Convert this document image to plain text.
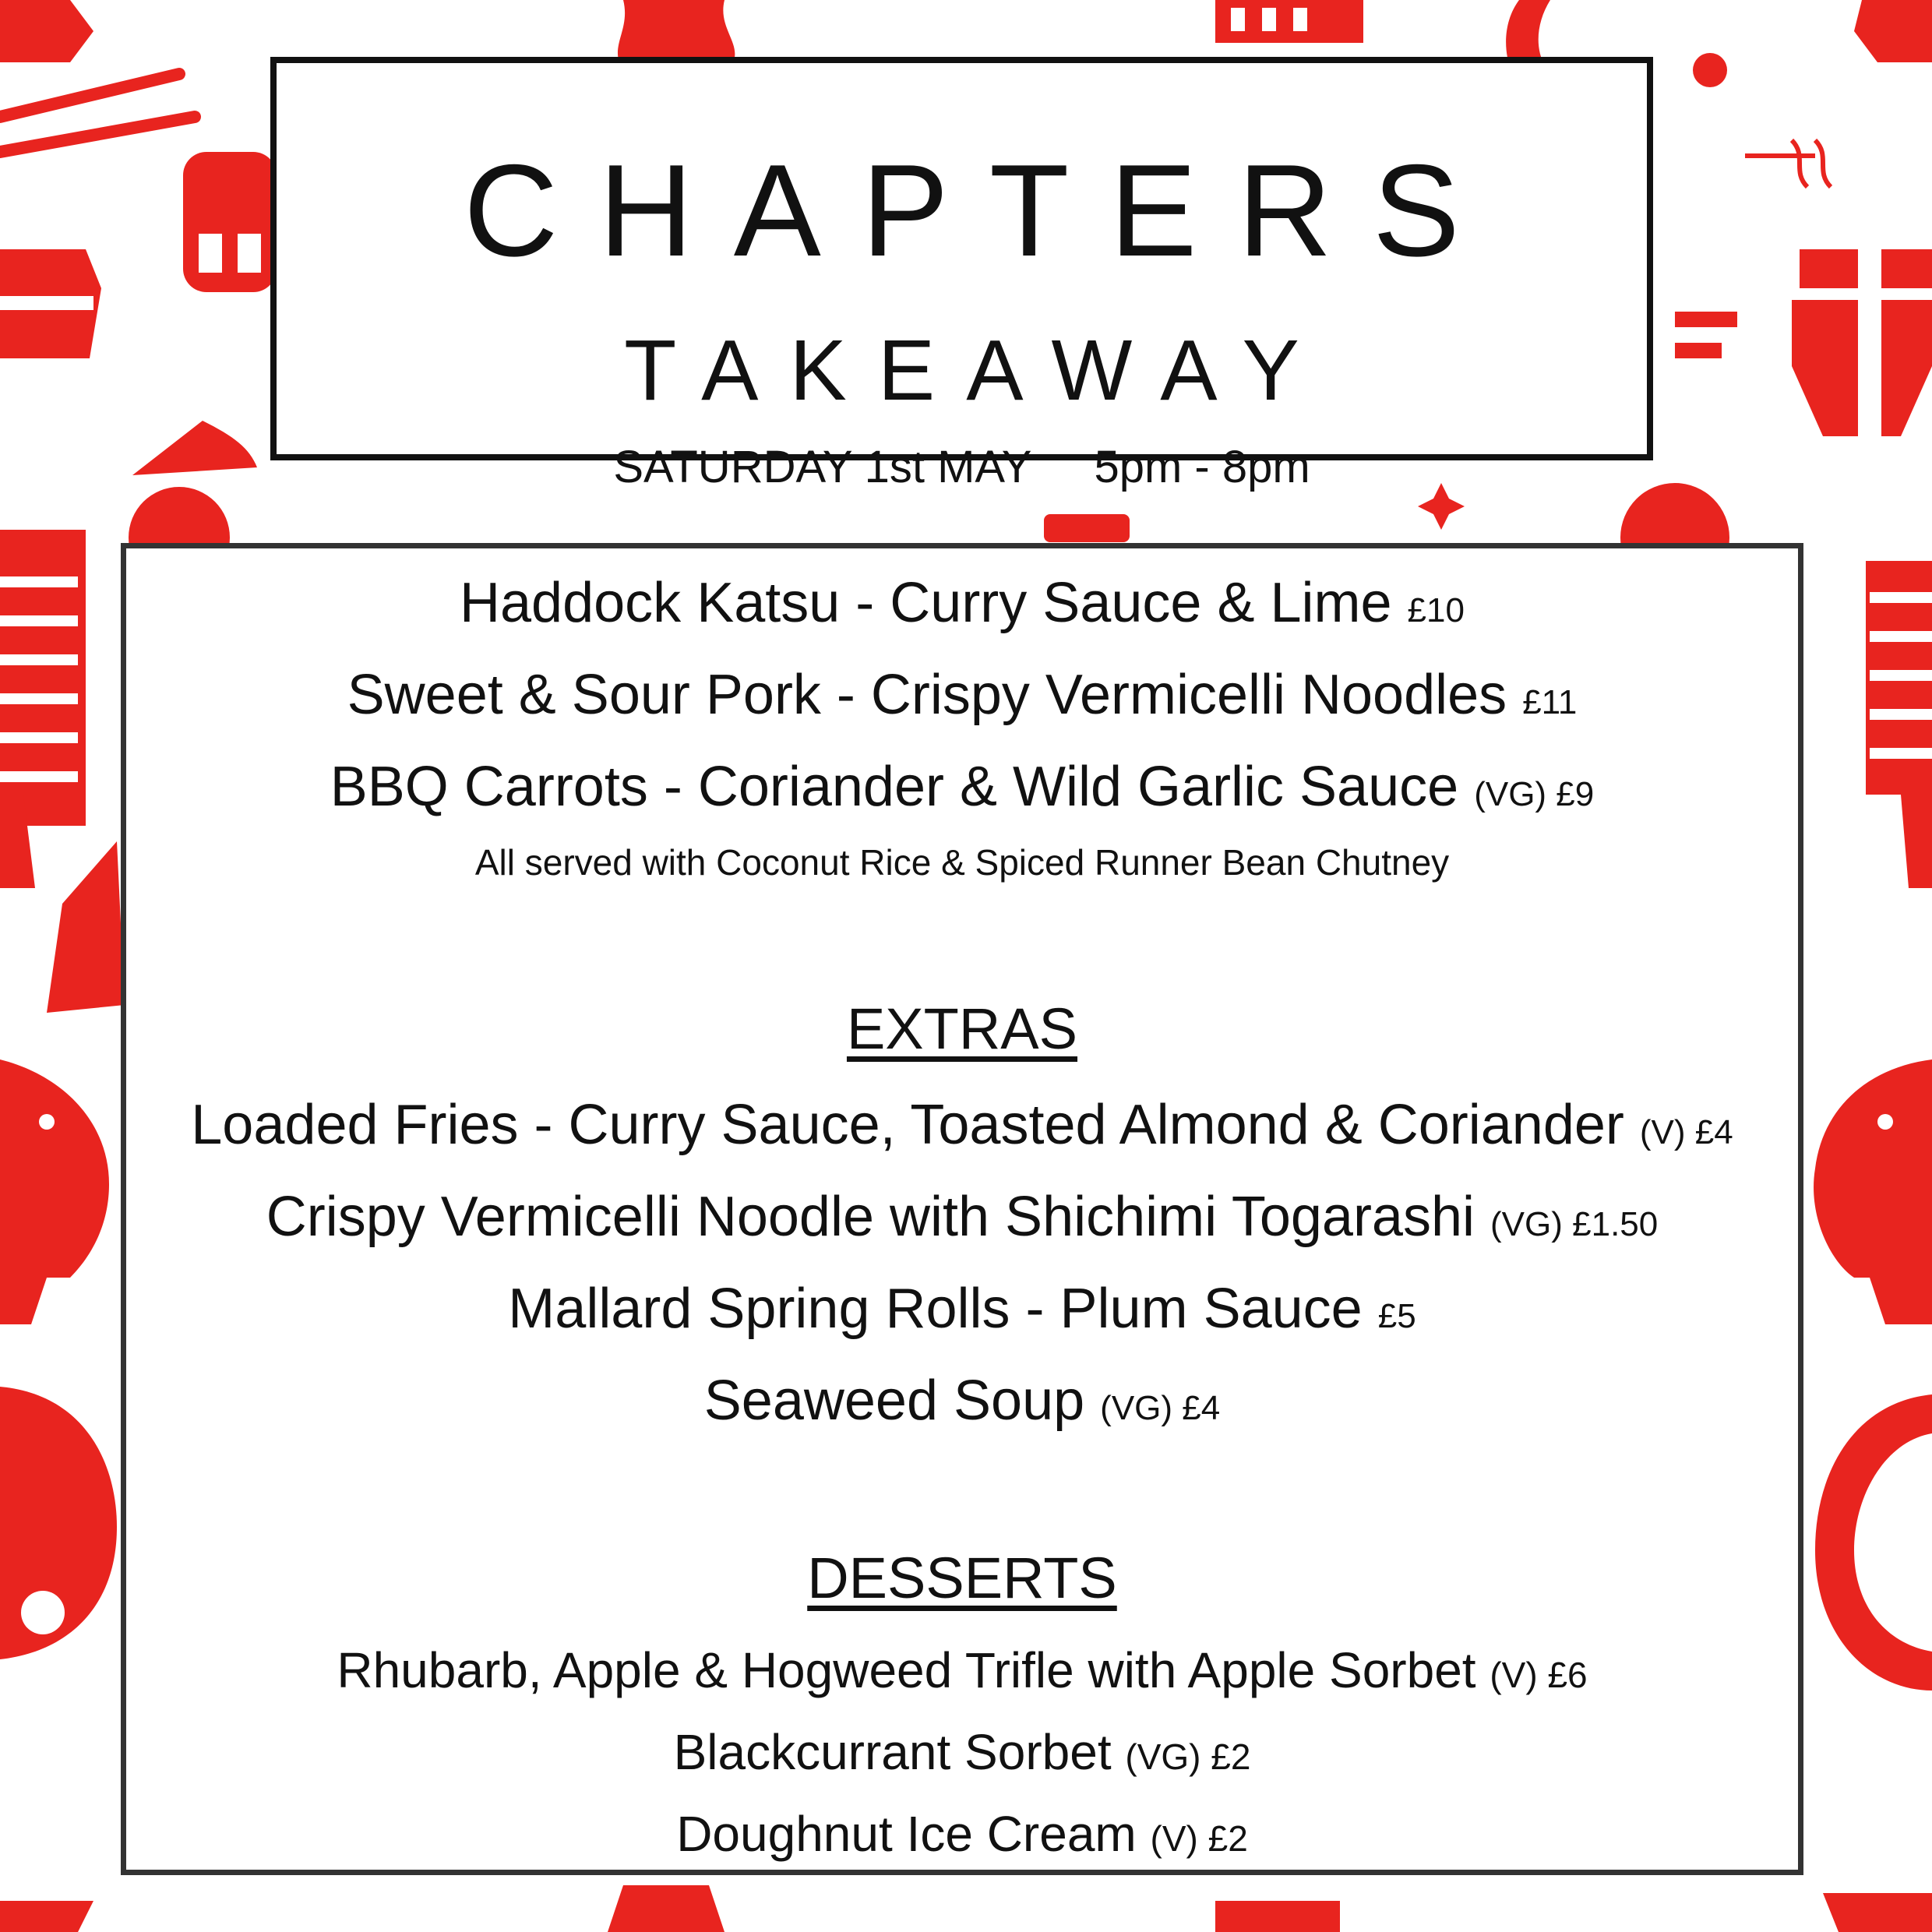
CHAPTERS
TAKEAWAY
SATURDAY 1st MAY 5pm - 8pm
Haddock Katsu - Curry Sauce & Lime £10
Sweet & Sour Pork - Crispy Vermicelli Noodles £11
BBQ Carrots - Coriander & Wild Garlic Sauce (VG) £9
All served with Coconut Rice & Spiced Runner Bean Chutney
EXTRAS
Loaded Fries - Curry Sauce, Toasted Almond & Coriander (V) £4
Crispy Vermicelli Noodle with Shichimi Togarashi (VG) £1.50
Mallard Spring Rolls - Plum Sauce £5
Seaweed Soup (VG) £4
DESSERTS
Rhubarb, Apple & Hogweed Trifle with Apple Sorbet (V) £6
Blackcurrant Sorbet (VG) £2
Doughnut Ice Cream (V) £2
